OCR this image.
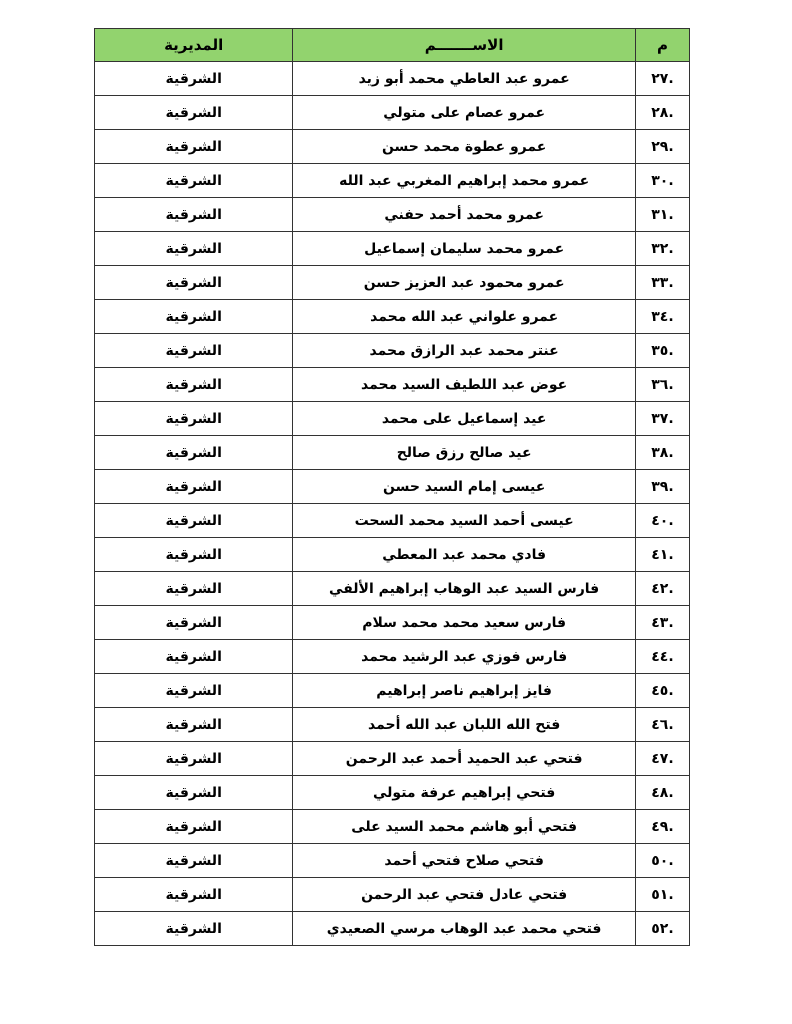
م	الاســـــــم	المديرية
.٢٧	عمرو عبد العاطي محمد أبو زيد	الشرقية
.٢٨	عمرو عصام على متولي	الشرقية
.٢٩	عمرو عطوة محمد حسن	الشرقية
.٣٠	عمرو محمد إبراهيم المغربي عبد الله	الشرقية
.٣١	عمرو محمد أحمد حفني	الشرقية
.٣٢	عمرو محمد سليمان إسماعيل	الشرقية
.٣٣	عمرو محمود عبد العزيز حسن	الشرقية
.٣٤	عمرو علواني عبد الله محمد	الشرقية
.٣٥	عنتر محمد عبد الرازق محمد	الشرقية
.٣٦	عوض عبد اللطيف السيد محمد	الشرقية
.٣٧	عيد إسماعيل على محمد	الشرقية
.٣٨	عيد صالح رزق صالح	الشرقية
.٣٩	عيسى إمام السيد حسن	الشرقية
.٤٠	عيسى أحمد السيد محمد السحت	الشرقية
.٤١	فادي محمد عبد المعطي	الشرقية
.٤٢	فارس السيد عبد الوهاب إبراهيم الألفي	الشرقية
.٤٣	فارس سعيد محمد محمد سلام	الشرقية
.٤٤	فارس فوزي عبد الرشيد محمد	الشرقية
.٤٥	فايز إبراهيم ناصر إبراهيم	الشرقية
.٤٦	فتح الله اللبان عبد الله أحمد	الشرقية
.٤٧	فتحي عبد الحميد أحمد عبد الرحمن	الشرقية
.٤٨	فتحي إبراهيم عرفة متولي	الشرقية
.٤٩	فتحي أبو هاشم محمد السيد على	الشرقية
.٥٠	فتحي صلاح فتحي أحمد	الشرقية
.٥١	فتحي عادل فتحي عبد الرحمن	الشرقية
.٥٢	فتحي محمد عبد الوهاب مرسي الصعيدي	الشرقية
